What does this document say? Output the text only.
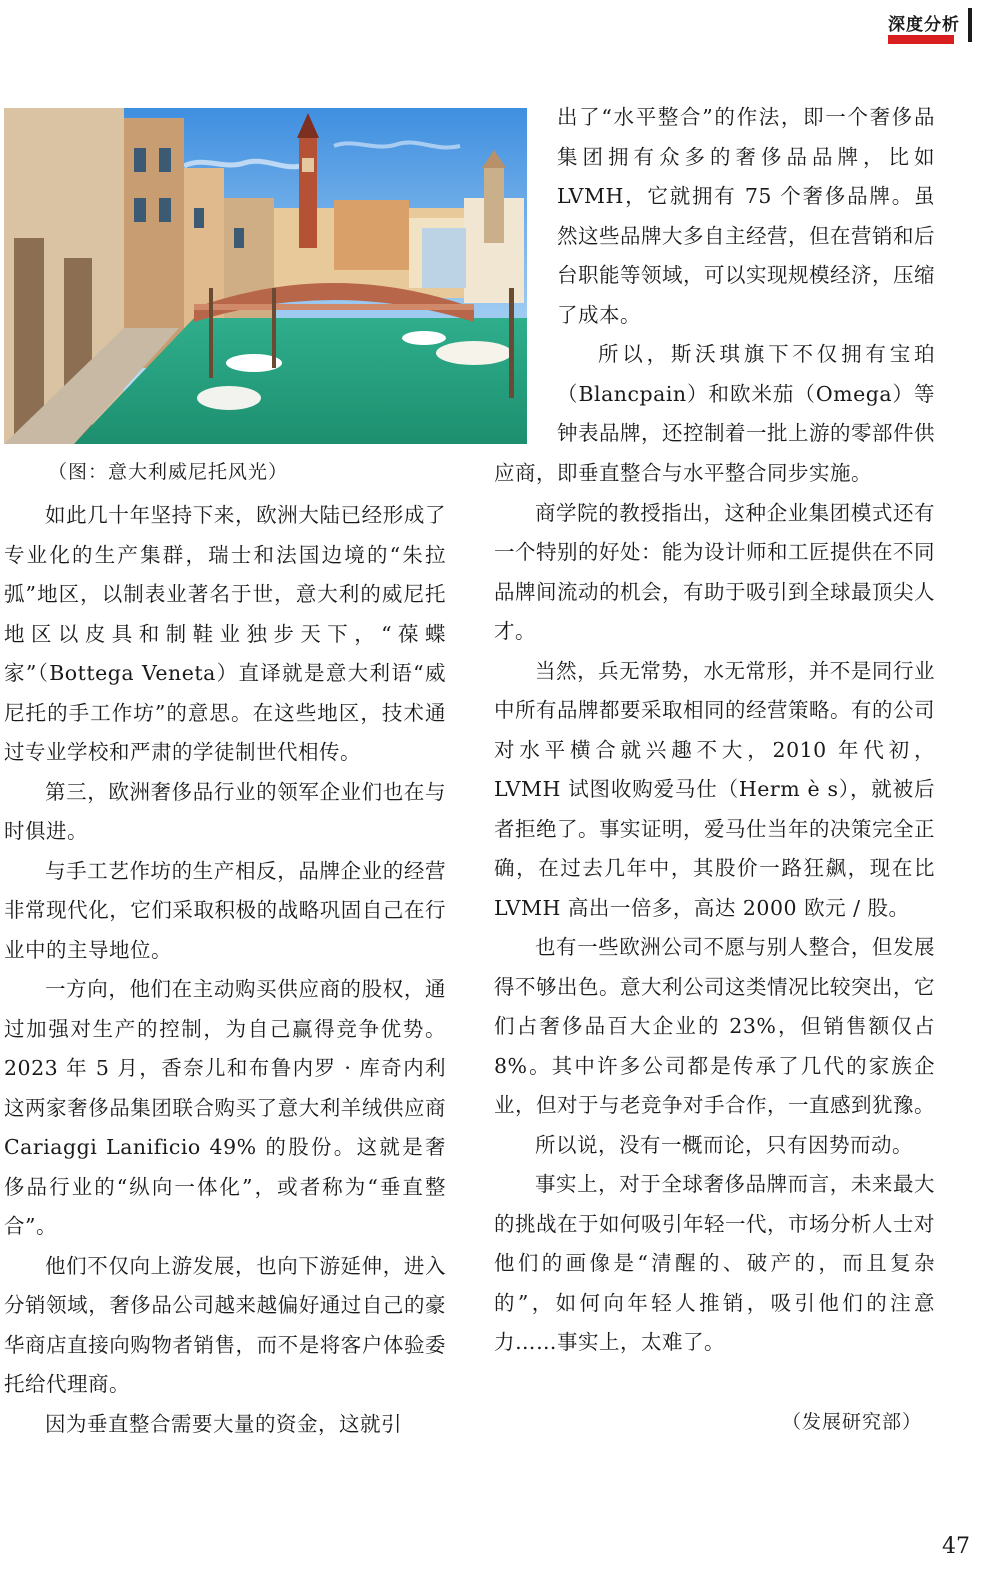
深度分析
（图：意大利威尼托风光）

出了“水平整合”的作法，即一个奢侈品集团拥有众多的奢侈品品牌，比如LVMH，它就拥有 75 个奢侈品牌。虽然这些品牌大多自主经营，但在营销和后台职能等领域，可以实现规模经济，压缩了成本。

所以，斯沃琪旗下不仅拥有宝珀（Blancpain）和欧米茄（Omega）等钟表品牌，还控制着一批上游的零部件供

应商，即垂直整合与水平整合同步实施。

商学院的教授指出，这种企业集团模式还有一个特别的好处：能为设计师和工匠提供在不同品牌间流动的机会，有助于吸引到全球最顶尖人才。

当然，兵无常势，水无常形，并不是同行业中所有品牌都要采取相同的经营策略。有的公司对水平横合就兴趣不大，2010 年代初，LVMH 试图收购爱马仕（Herm è s），就被后者拒绝了。事实证明，爱马仕当年的决策完全正确，在过去几年中，其股价一路狂飙，现在比 LVMH 高出一倍多，高达 2000 欧元 / 股。

也有一些欧洲公司不愿与别人整合，但发展得不够出色。意大利公司这类情况比较突出，它们占奢侈品百大企业的 23%，但销售额仅占 8%。其中许多公司都是传承了几代的家族企业，但对于与老竞争对手合作，一直感到犹豫。

所以说，没有一概而论，只有因势而动。

事实上，对于全球奢侈品牌而言，未来最大的挑战在于如何吸引年轻一代，市场分析人士对他们的画像是“清醒的、破产的，而且复杂的”，如何向年轻人推销，吸引他们的注意力……事实上，太难了。

如此几十年坚持下来，欧洲大陆已经形成了专业化的生产集群，瑞士和法国边境的“朱拉弧”地区，以制表业著名于世，意大利的威尼托地区以皮具和制鞋业独步天下，“葆蝶家”（Bottega Veneta）直译就是意大利语“威尼托的手工作坊”的意思。在这些地区，技术通过专业学校和严肃的学徒制世代相传。

第三，欧洲奢侈品行业的领军企业们也在与时俱进。

与手工艺作坊的生产相反，品牌企业的经营非常现代化，它们采取积极的战略巩固自己在行业中的主导地位。

一方向，他们在主动购买供应商的股权，通过加强对生产的控制，为自己赢得竞争优势。2023 年 5 月，香奈儿和布鲁内罗 · 库奇内利这两家奢侈品集团联合购买了意大利羊绒供应商 Cariaggi Lanificio 49% 的股份。这就是奢侈品行业的“纵向一体化”，或者称为“垂直整合”。

他们不仅向上游发展，也向下游延伸，进入分销领域，奢侈品公司越来越偏好通过自己的豪华商店直接向购物者销售，而不是将客户体验委托给代理商。

因为垂直整合需要大量的资金，这就引	（发展研究部）
47
